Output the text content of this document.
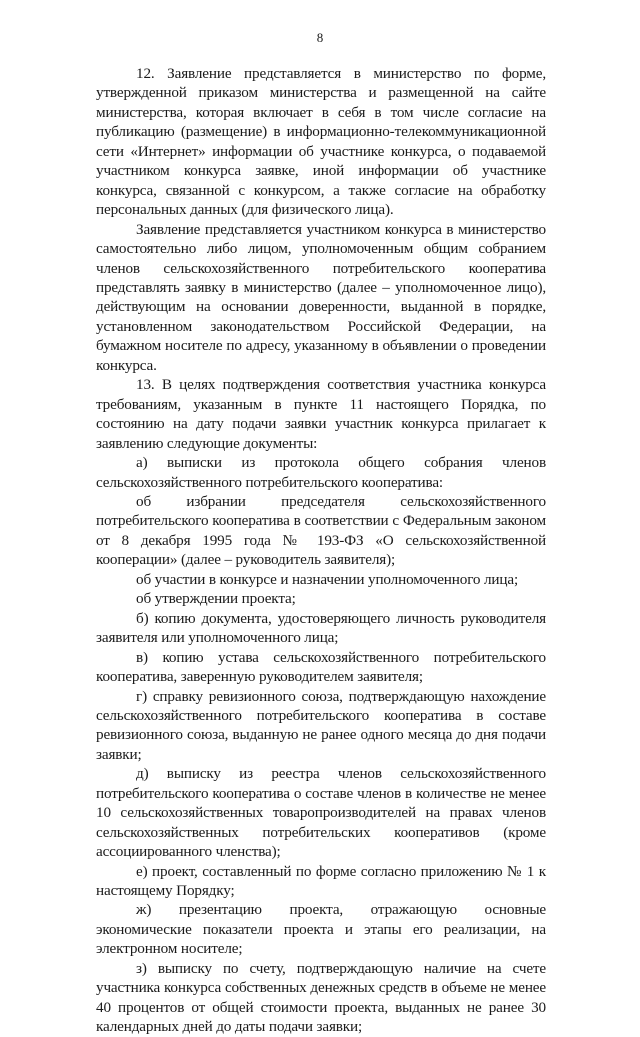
8

12. Заявление представляется в министерство по форме, утвержденной приказом министерства и размещенной на сайте министерства, которая включает в себя в том числе согласие на публикацию (размещение) в информационно-телекоммуникационной сети «Интернет» информации об участнике конкурса, о подаваемой участником конкурса заявке, иной информации об участнике конкурса, связанной с конкурсом, а также согласие на обработку персональных данных (для физического лица).

Заявление представляется участником конкурса в министерство самостоятельно либо лицом, уполномоченным общим собранием членов сельскохозяйственного потребительского кооператива представлять заявку в министерство (далее – уполномоченное лицо), действующим на основании доверенности, выданной в порядке, установленном законодательством Российской Федерации, на бумажном носителе по адресу, указанному в объявлении о проведении конкурса.

13. В целях подтверждения соответствия участника конкурса требованиям, указанным в пункте 11 настоящего Порядка, по состоянию на дату подачи заявки участник конкурса прилагает к заявлению следующие документы:

а) выписки из протокола общего собрания членов сельскохозяйственного потребительского кооператива:

об избрании председателя сельскохозяйственного потребительского кооператива в соответствии с Федеральным законом от 8 декабря 1995 года № 193-ФЗ «О сельскохозяйственной кооперации» (далее – руководитель заявителя);

об участии в конкурсе и назначении уполномоченного лица;

об утверждении проекта;

б) копию документа, удостоверяющего личность руководителя заявителя или уполномоченного лица;

в) копию устава сельскохозяйственного потребительского кооператива, заверенную руководителем заявителя;

г) справку ревизионного союза, подтверждающую нахождение сельскохозяйственного потребительского кооператива в составе ревизионного союза, выданную не ранее одного месяца до дня подачи заявки;

д) выписку из реестра членов сельскохозяйственного потребительского кооператива о составе членов в количестве не менее 10 сельскохозяйственных товаропроизводителей на правах членов сельскохозяйственных потребительских кооперативов (кроме ассоциированного членства);

е) проект, составленный по форме согласно приложению № 1 к настоящему Порядку;

ж) презентацию проекта, отражающую основные экономические показатели проекта и этапы его реализации, на электронном носителе;

з) выписку по счету, подтверждающую наличие на счете участника конкурса собственных денежных средств в объеме не менее 40 процентов от общей стоимости проекта, выданных не ранее 30 календарных дней до даты подачи заявки;
